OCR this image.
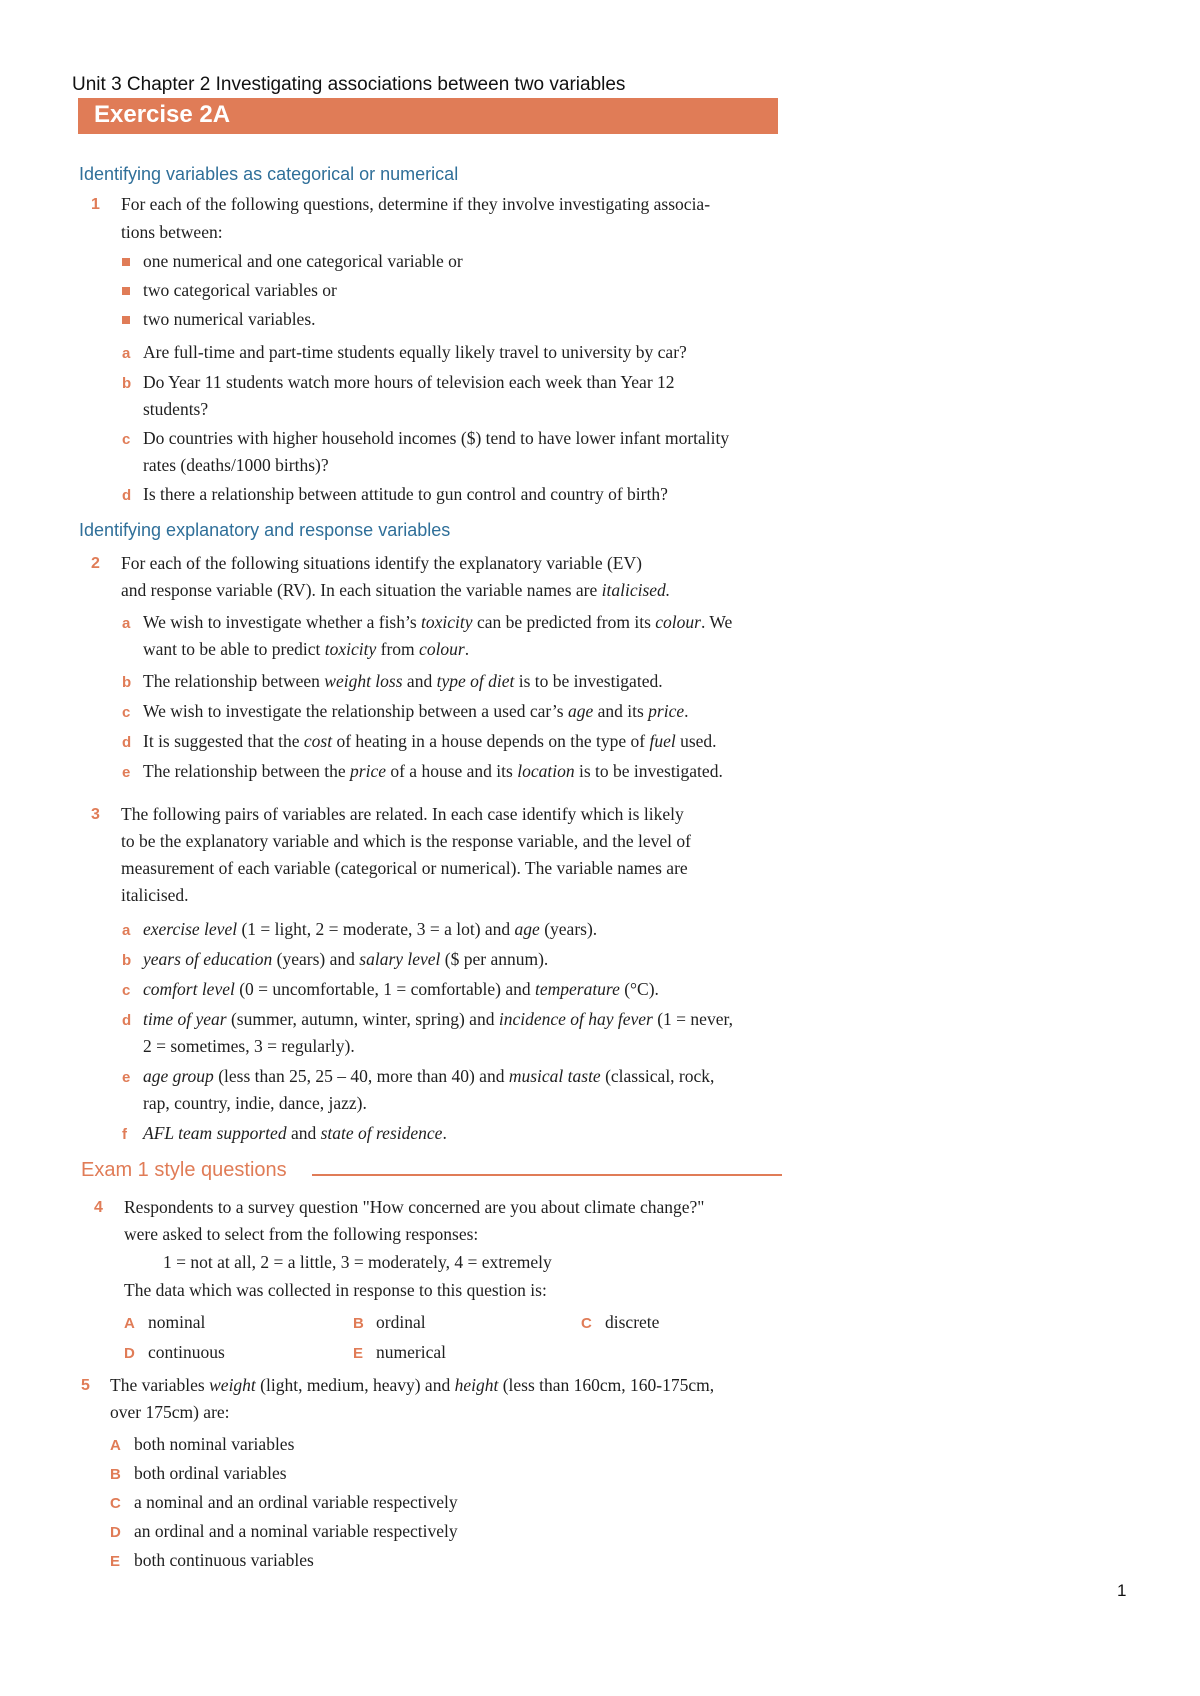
Unit 3 Chapter 2 Investigating associations between two variables
Exercise 2A
Identifying variables as categorical or numerical
1 For each of the following questions, determine if they involve investigating associa-
tions between:
one numerical and one categorical variable or
two categorical variables or
two numerical variables.
a Are full-time and part-time students equally likely travel to university by car?
b Do Year 11 students watch more hours of television each week than Year 12
students?
c Do countries with higher household incomes ($) tend to have lower infant mortality
rates (deaths/1000 births)?
d Is there a relationship between attitude to gun control and country of birth?
Identifying explanatory and response variables
2 For each of the following situations identify the explanatory variable (EV)
and response variable (RV). In each situation the variable names are italicised.
a We wish to investigate whether a fish’s toxicity can be predicted from its colour. We
want to be able to predict toxicity from colour.
b The relationship between weight loss and type of diet is to be investigated.
c We wish to investigate the relationship between a used car’s age and its price.
d It is suggested that the cost of heating in a house depends on the type of fuel used.
e The relationship between the price of a house and its location is to be investigated.
3 The following pairs of variables are related. In each case identify which is likely
to be the explanatory variable and which is the response variable, and the level of
measurement of each variable (categorical or numerical). The variable names are
italicised.
a exercise level (1 = light, 2 = moderate, 3 = a lot) and age (years).
b years of education (years) and salary level ($ per annum).
c comfort level (0 = uncomfortable, 1 = comfortable) and temperature (°C).
d time of year (summer, autumn, winter, spring) and incidence of hay fever (1 = never,
2 = sometimes, 3 = regularly).
e age group (less than 25, 25 – 40, more than 40) and musical taste (classical, rock,
rap, country, indie, dance, jazz).
f AFL team supported and state of residence.
Exam 1 style questions
4 Respondents to a survey question "How concerned are you about climate change?"
were asked to select from the following responses:
1 = not at all, 2 = a little, 3 = moderately, 4 = extremely
The data which was collected in response to this question is:
A nominal	B ordinal	C discrete
D continuous	E numerical
5 The variables weight (light, medium, heavy) and height (less than 160cm, 160-175cm,
over 175cm) are:
A both nominal variables
B both ordinal variables
C a nominal and an ordinal variable respectively
D an ordinal and a nominal variable respectively
E both continuous variables
1
